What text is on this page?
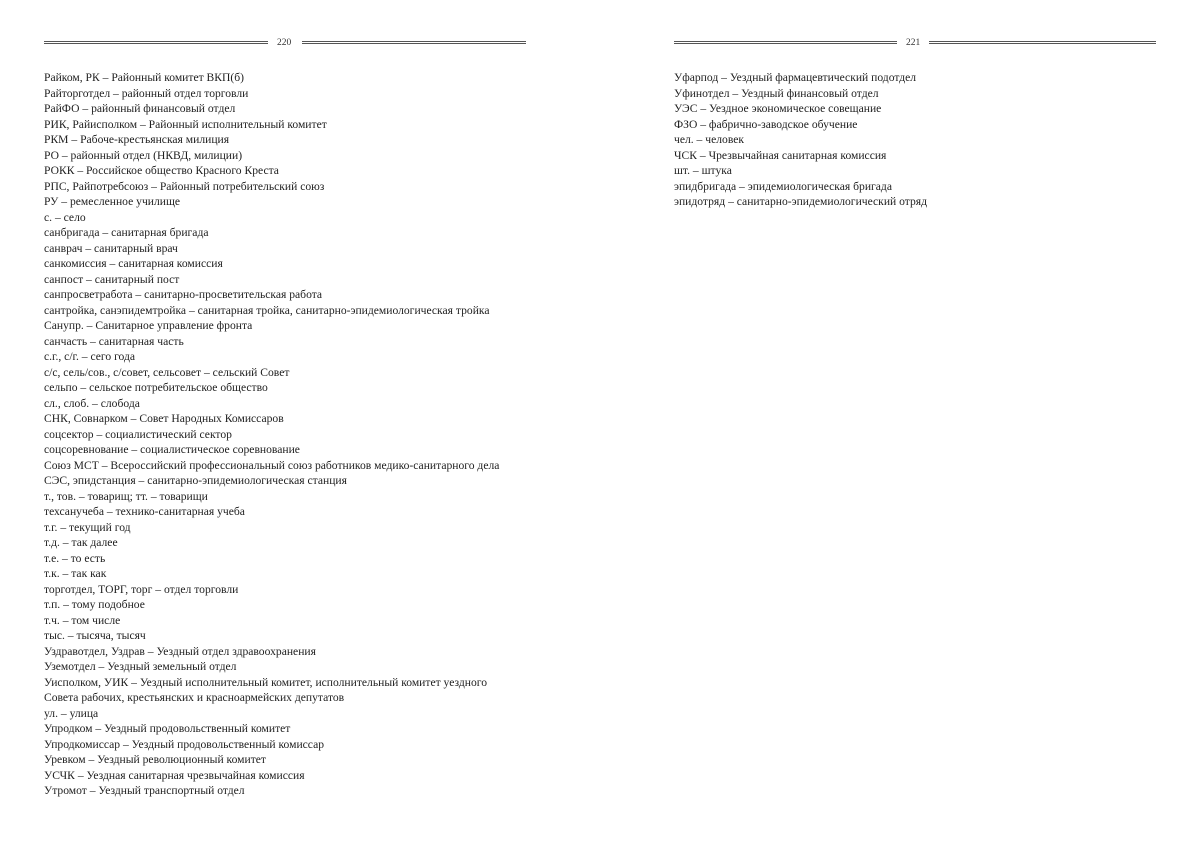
220
Райком, РК – Районный комитет ВКП(б)
Райторготдел – районный отдел торговли
РайФО – районный финансовый отдел
РИК, Райисполком – Районный исполнительный комитет
РКМ – Рабоче-крестьянская милиция
РО – районный отдел (НКВД, милиции)
РОКК – Российское общество Красного Креста
РПС, Райпотребсоюз – Районный потребительский союз
РУ – ремесленное училище
с. – село
санбригада – санитарная бригада
санврач – санитарный врач
санкомиссия – санитарная комиссия
санпост – санитарный пост
санпросветработа – санитарно-просветительская работа
сантройка, санэпидемтройка – санитарная тройка, санитарно-эпидемиологическая тройка
Санупр. – Санитарное управление фронта
санчасть – санитарная часть
с.г., с/г. – сего года
с/с, сель/сов., с/совет, сельсовет – сельский Совет
сельпо – сельское потребительское общество
сл., слоб. – слобода
СНК, Совнарком – Совет Народных Комиссаров
соцсектор – социалистический сектор
соцсоревнование – социалистическое соревнование
Союз МСТ – Всероссийский профессиональный союз работников медико-санитарного дела
СЭС, эпидстанция – санитарно-эпидемиологическая станция
т., тов. – товарищ; тт. – товарищи
техсанучеба – технико-санитарная учеба
т.г. – текущий год
т.д. – так далее
т.е. – то есть
т.к. – так как
торготдел, ТОРГ, торг – отдел торговли
т.п. – тому подобное
т.ч. – том числе
тыс. – тысяча, тысяч
Уздравотдел, Уздрав – Уездный отдел здравоохранения
Уземотдел – Уездный земельный отдел
Уисполком, УИК – Уездный исполнительный комитет, исполнительный комитет уездного
Совета рабочих, крестьянских и красноармейских депутатов
ул. – улица
Упродком – Уездный продовольственный комитет
Упродкомиссар – Уездный продовольственный комиссар
Уревком – Уездный революционный комитет
УСЧК – Уездная санитарная чрезвычайная комиссия
Утромот – Уездный транспортный отдел
221
Уфарпод – Уездный фармацевтический подотдел
Уфинотдел – Уездный финансовый отдел
УЭС – Уездное экономическое совещание
ФЗО – фабрично-заводское обучение
чел. – человек
ЧСК – Чрезвычайная санитарная комиссия
шт. – штука
эпидбригада – эпидемиологическая бригада
эпидотряд – санитарно-эпидемиологический отряд
